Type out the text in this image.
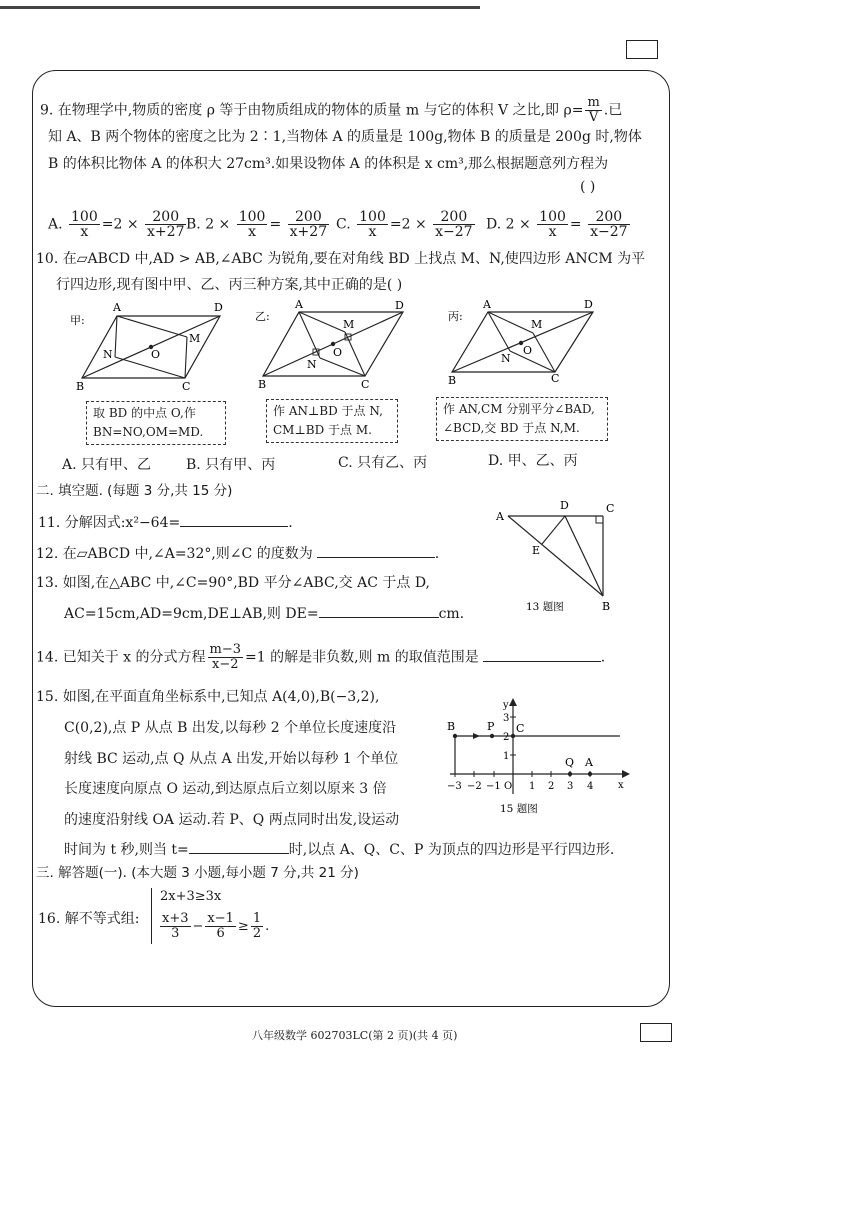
9. 在物理学中,物质的密度 ρ 等于由物质组成的物体的质量 m 与它的体积 V 之比,即 $\rho= \frac{m}{V}$ .已
知 A、B 两个物体的密度之比为 2∶1,当物体 A 的质量是 100g,物体 B 的质量是 200g 时,物体
B 的体积比物体 A 的体积大 27cm³.如果设物体 A 的体积是 x cm³,那么根据题意列方程为
( )
A. $\frac{100}{x} =2 \times \frac{200}{x+27} B$. $2 \times \frac{100}{x} = \frac{200}{x+27} C$. $\frac{100}{x} =2 \times \frac{200}{x-27} D$. $2 \times \frac{100}{x} = \frac{200}{x-27}$
10. 在▱ABCD 中,AD > AB,∠ABC 为锐角,要在对角线 BD 上找点 M、N,使四边形 ANCM 为平
行四边形,现有图中甲、乙、丙三种方案,其中正确的是( )
甲:
A	D
B	C
N
M
O
乙:
A	D
B	C
N
M
O
丙:
A	D
B	C
N
M
O
取 BD 的中点 O,作
BN=NO,OM=MD.
作 AN⊥BD 于点 N,
CM⊥BD 于点 M.
作 AN,CM 分别平分∠BAD,
∠BCD,交 BD 于点 N,M.
A. 只有甲、乙 B. 只有甲、丙	C. 只有乙、丙	D. 甲、乙、丙
二. 填空题. (每题 3 分,共 15 分)
11. 分解因式:x²−64=	.
12. 在▱ABCD 中,∠A=32°,则∠C 的度数为	.
13. 如图,在△ABC 中,∠C=90°,BD 平分∠ABC,交 AC 于点 D,
AC=15cm,AD=9cm,DE⊥AB,则 DE=	cm.
A
D	C
E
B
13 题图
14. 已知关于 x 的分式方程 $\frac{m-3}{x-2} =1$ 的解是非负数,则 m 的取值范围是	.
15. 如图,在平面直角坐标系中,已知点 A(4,0),B(−3,2),
C(0,2),点 P 从点 B 出发,以每秒 2 个单位长度速度沿
射线 BC 运动,点 Q 从点 A 出发,开始以每秒 1 个单位
长度速度向原点 O 运动,到达原点后立刻以原来 3 倍
的速度沿射线 OA 运动.若 P、Q 两点同时出发,设运动
时间为 t 秒,则当 t=	时,以点 A、Q、C、P 为顶点的四边形是平行四边形.
y
x
B	P C
Q A
O
1
2
3
−3 −2 −1	1 2 3 4
15 题图
三. 解答题(一). (本大题 3 小题,每小题 7 分,共 21 分)
16. 解不等式组:
2x+3≥3x
$\frac{x+3}{3} - \frac{x-1}{6} \ge \frac{1}{2}$ .
八年级数学 602703LC(第 2 页)(共 4 页)
